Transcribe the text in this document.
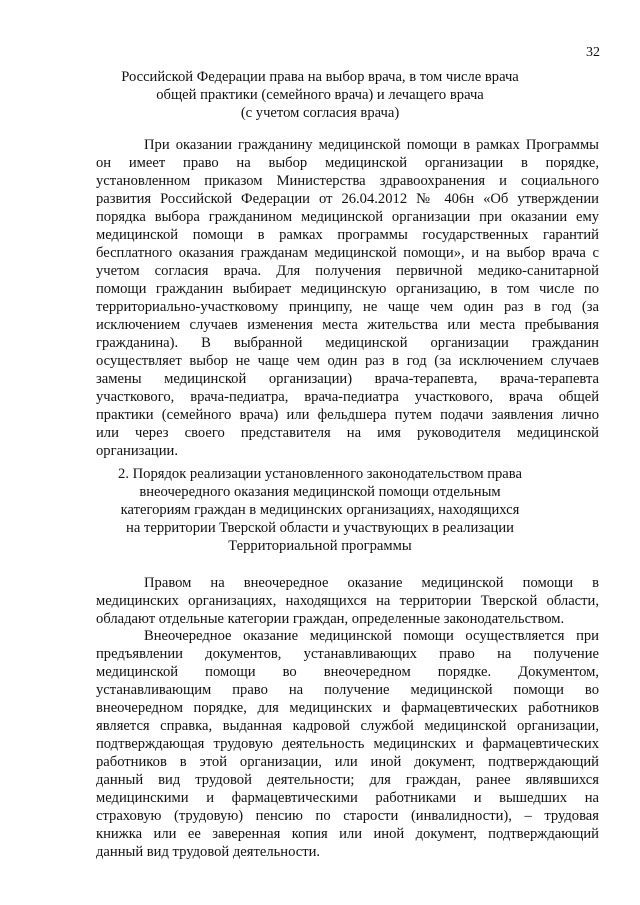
32
Российской Федерации права на выбор врача, в том числе врача
общей практики (семейного врача) и лечащего врача
(с учетом согласия врача)
При оказании гражданину медицинской помощи в рамках Программы
он имеет право на выбор медицинской организации в порядке,
установленном приказом Министерства здравоохранения и социального
развития Российской Федерации от 26.04.2012 № 406н «Об утверждении
порядка выбора гражданином медицинской организации при оказании ему
медицинской помощи в рамках программы государственных гарантий
бесплатного оказания гражданам медицинской помощи», и на выбор врача с
учетом согласия врача. Для получения первичной медико-санитарной
помощи гражданин выбирает медицинскую организацию, в том числе по
территориально-участковому принципу, не чаще чем один раз в год (за
исключением случаев изменения места жительства или места пребывания
гражданина). В выбранной медицинской организации гражданин
осуществляет выбор не чаще чем один раз в год (за исключением случаев
замены медицинской организации) врача-терапевта, врача-терапевта
участкового, врача-педиатра, врача-педиатра участкового, врача общей
практики (семейного врача) или фельдшера путем подачи заявления лично
или через своего представителя на имя руководителя медицинской
организации.
2. Порядок реализации установленного законодательством права
внеочередного оказания медицинской помощи отдельным
категориям граждан в медицинских организациях, находящихся
на территории Тверской области и участвующих в реализации
Территориальной программы
Правом на внеочередное оказание медицинской помощи в
медицинских организациях, находящихся на территории Тверской области,
обладают отдельные категории граждан, определенные законодательством.
Внеочередное оказание медицинской помощи осуществляется при
предъявлении документов, устанавливающих право на получение
медицинской помощи во внеочередном порядке. Документом,
устанавливающим право на получение медицинской помощи во
внеочередном порядке, для медицинских и фармацевтических работников
является справка, выданная кадровой службой медицинской организации,
подтверждающая трудовую деятельность медицинских и фармацевтических
работников в этой организации, или иной документ, подтверждающий
данный вид трудовой деятельности; для граждан, ранее являвшихся
медицинскими и фармацевтическими работниками и вышедших на
страховую (трудовую) пенсию по старости (инвалидности), – трудовая
книжка или ее заверенная копия или иной документ, подтверждающий
данный вид трудовой деятельности.
